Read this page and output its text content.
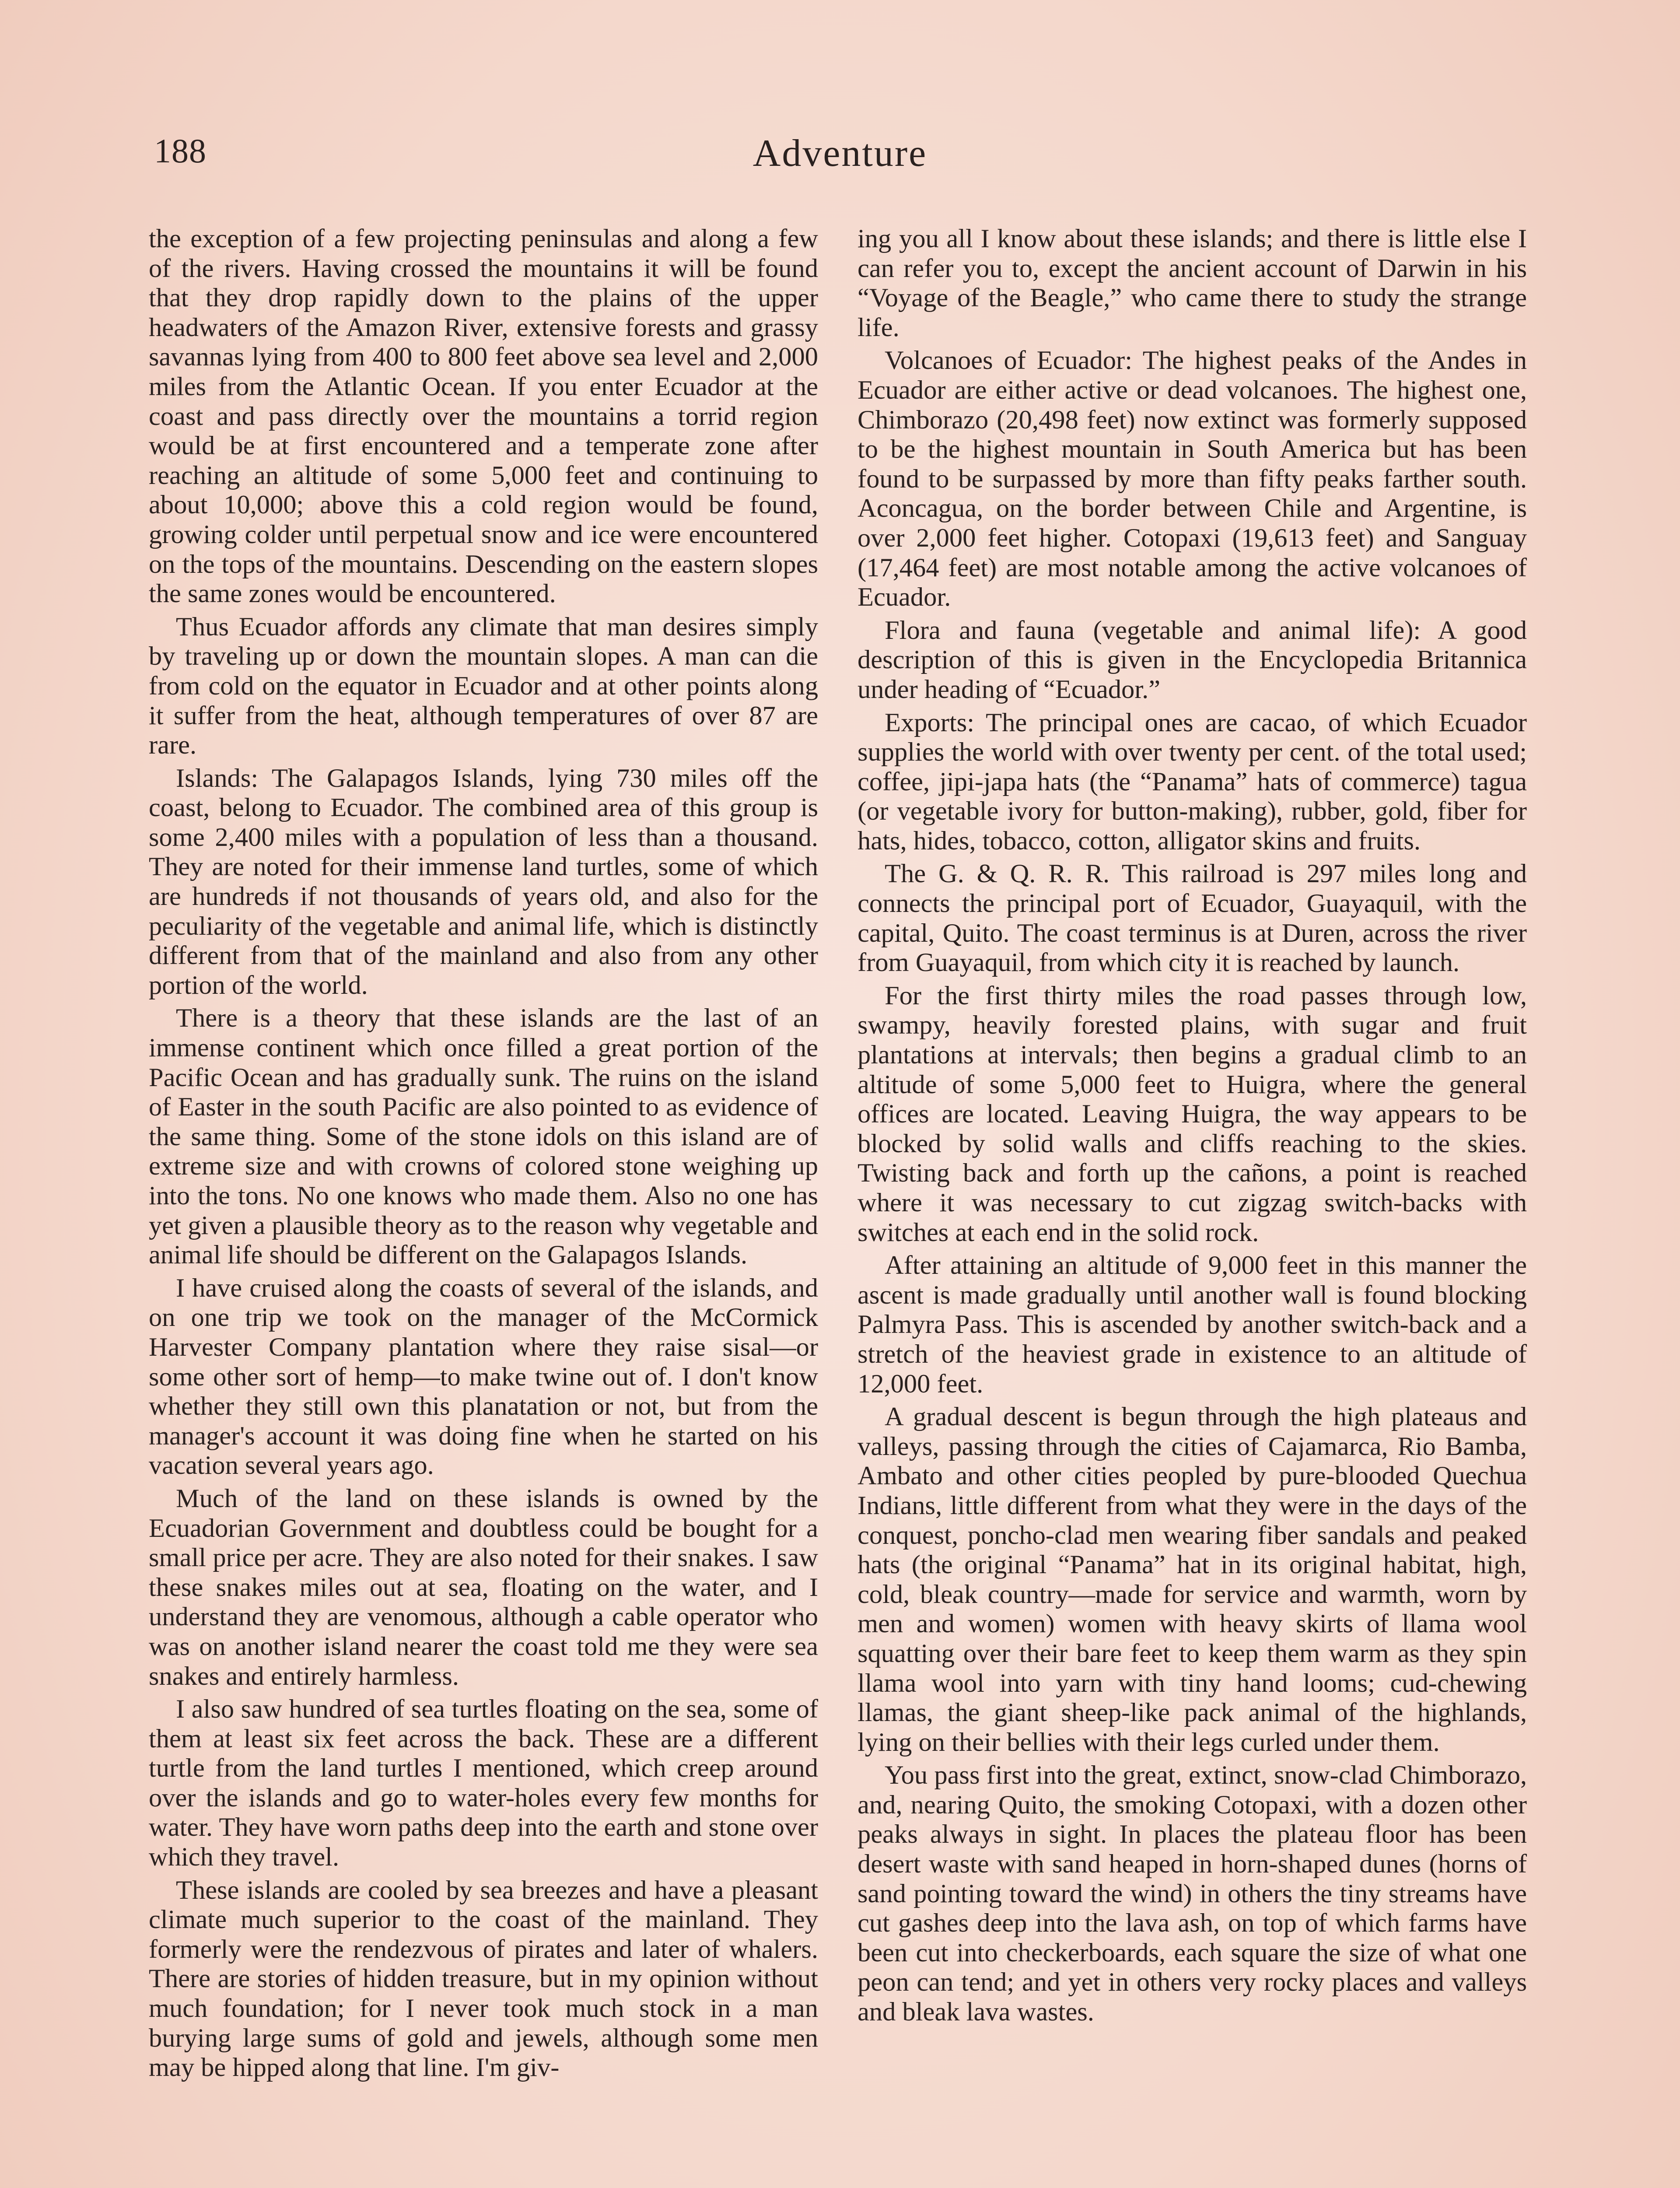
188	Adventure

the exception of a few projecting peninsulas and along a few of the rivers. Having crossed the mountains it will be found that they drop rapidly down to the plains of the upper headwaters of the Amazon River, extensive forests and grassy savannas lying from 400 to 800 feet above sea level and 2,000 miles from the Atlantic Ocean. If you enter Ecuador at the coast and pass directly over the mountains a torrid region would be at first encountered and a temperate zone after reaching an altitude of some 5,000 feet and continuing to about 10,000; above this a cold region would be found, growing colder until perpetual snow and ice were encountered on the tops of the mountains. Descending on the eastern slopes the same zones would be encountered.

Thus Ecuador affords any climate that man desires simply by traveling up or down the mountain slopes. A man can die from cold on the equator in Ecuador and at other points along it suffer from the heat, although temperatures of over 87 are rare.

Islands: The Galapagos Islands, lying 730 miles off the coast, belong to Ecuador. The combined area of this group is some 2,400 miles with a population of less than a thousand. They are noted for their immense land turtles, some of which are hundreds if not thousands of years old, and also for the peculiarity of the vegetable and animal life, which is distinctly different from that of the mainland and also from any other portion of the world.

There is a theory that these islands are the last of an immense continent which once filled a great portion of the Pacific Ocean and has gradually sunk. The ruins on the island of Easter in the south Pacific are also pointed to as evidence of the same thing. Some of the stone idols on this island are of extreme size and with crowns of colored stone weighing up into the tons. No one knows who made them. Also no one has yet given a plausible theory as to the reason why vegetable and animal life should be different on the Galapagos Islands.

I have cruised along the coasts of several of the islands, and on one trip we took on the manager of the McCormick Harvester Company plantation where they raise sisal—or some other sort of hemp—to make twine out of. I don't know whether they still own this planatation or not, but from the manager's account it was doing fine when he started on his vacation several years ago.

Much of the land on these islands is owned by the Ecuadorian Government and doubtless could be bought for a small price per acre. They are also noted for their snakes. I saw these snakes miles out at sea, floating on the water, and I understand they are venomous, although a cable operator who was on another island nearer the coast told me they were sea snakes and entirely harmless.

I also saw hundred of sea turtles floating on the sea, some of them at least six feet across the back. These are a different turtle from the land turtles I mentioned, which creep around over the islands and go to water-holes every few months for water. They have worn paths deep into the earth and stone over which they travel.

These islands are cooled by sea breezes and have a pleasant climate much superior to the coast of the mainland. They formerly were the rendezvous of pirates and later of whalers. There are stories of hidden treasure, but in my opinion without much foundation; for I never took much stock in a man burying large sums of gold and jewels, although some men may be hipped along that line. I'm giv-

ing you all I know about these islands; and there is little else I can refer you to, except the ancient account of Darwin in his “Voyage of the Beagle,” who came there to study the strange life.

Volcanoes of Ecuador: The highest peaks of the Andes in Ecuador are either active or dead volcanoes. The highest one, Chimborazo (20,498 feet) now extinct was formerly supposed to be the highest mountain in South America but has been found to be surpassed by more than fifty peaks farther south. Aconcagua, on the border between Chile and Argentine, is over 2,000 feet higher. Cotopaxi (19,613 feet) and Sanguay (17,464 feet) are most notable among the active volcanoes of Ecuador.

Flora and fauna (vegetable and animal life): A good description of this is given in the Encyclopedia Britannica under heading of “Ecuador.”

Exports: The principal ones are cacao, of which Ecuador supplies the world with over twenty per cent. of the total used; coffee, jipi-japa hats (the “Panama” hats of commerce) tagua (or vegetable ivory for button-making), rubber, gold, fiber for hats, hides, tobacco, cotton, alligator skins and fruits.

The G. & Q. R. R. This railroad is 297 miles long and connects the principal port of Ecuador, Guayaquil, with the capital, Quito. The coast terminus is at Duren, across the river from Guayaquil, from which city it is reached by launch.

For the first thirty miles the road passes through low, swampy, heavily forested plains, with sugar and fruit plantations at intervals; then begins a gradual climb to an altitude of some 5,000 feet to Huigra, where the general offices are located. Leaving Huigra, the way appears to be blocked by solid walls and cliffs reaching to the skies. Twisting back and forth up the cañons, a point is reached where it was necessary to cut zigzag switch-backs with switches at each end in the solid rock.

After attaining an altitude of 9,000 feet in this manner the ascent is made gradually until another wall is found blocking Palmyra Pass. This is ascended by another switch-back and a stretch of the heaviest grade in existence to an altitude of 12,000 feet.

A gradual descent is begun through the high plateaus and valleys, passing through the cities of Cajamarca, Rio Bamba, Ambato and other cities peopled by pure-blooded Quechua Indians, little different from what they were in the days of the conquest, poncho-clad men wearing fiber sandals and peaked hats (the original “Panama” hat in its original habitat, high, cold, bleak country—made for service and warmth, worn by men and women) women with heavy skirts of llama wool squatting over their bare feet to keep them warm as they spin llama wool into yarn with tiny hand looms; cud-chewing llamas, the giant sheep-like pack animal of the highlands, lying on their bellies with their legs curled under them.

You pass first into the great, extinct, snow-clad Chimborazo, and, nearing Quito, the smoking Cotopaxi, with a dozen other peaks always in sight. In places the plateau floor has been desert waste with sand heaped in horn-shaped dunes (horns of sand pointing toward the wind) in others the tiny streams have cut gashes deep into the lava ash, on top of which farms have been cut into checkerboards, each square the size of what one peon can tend; and yet in others very rocky places and valleys and bleak lava wastes.
